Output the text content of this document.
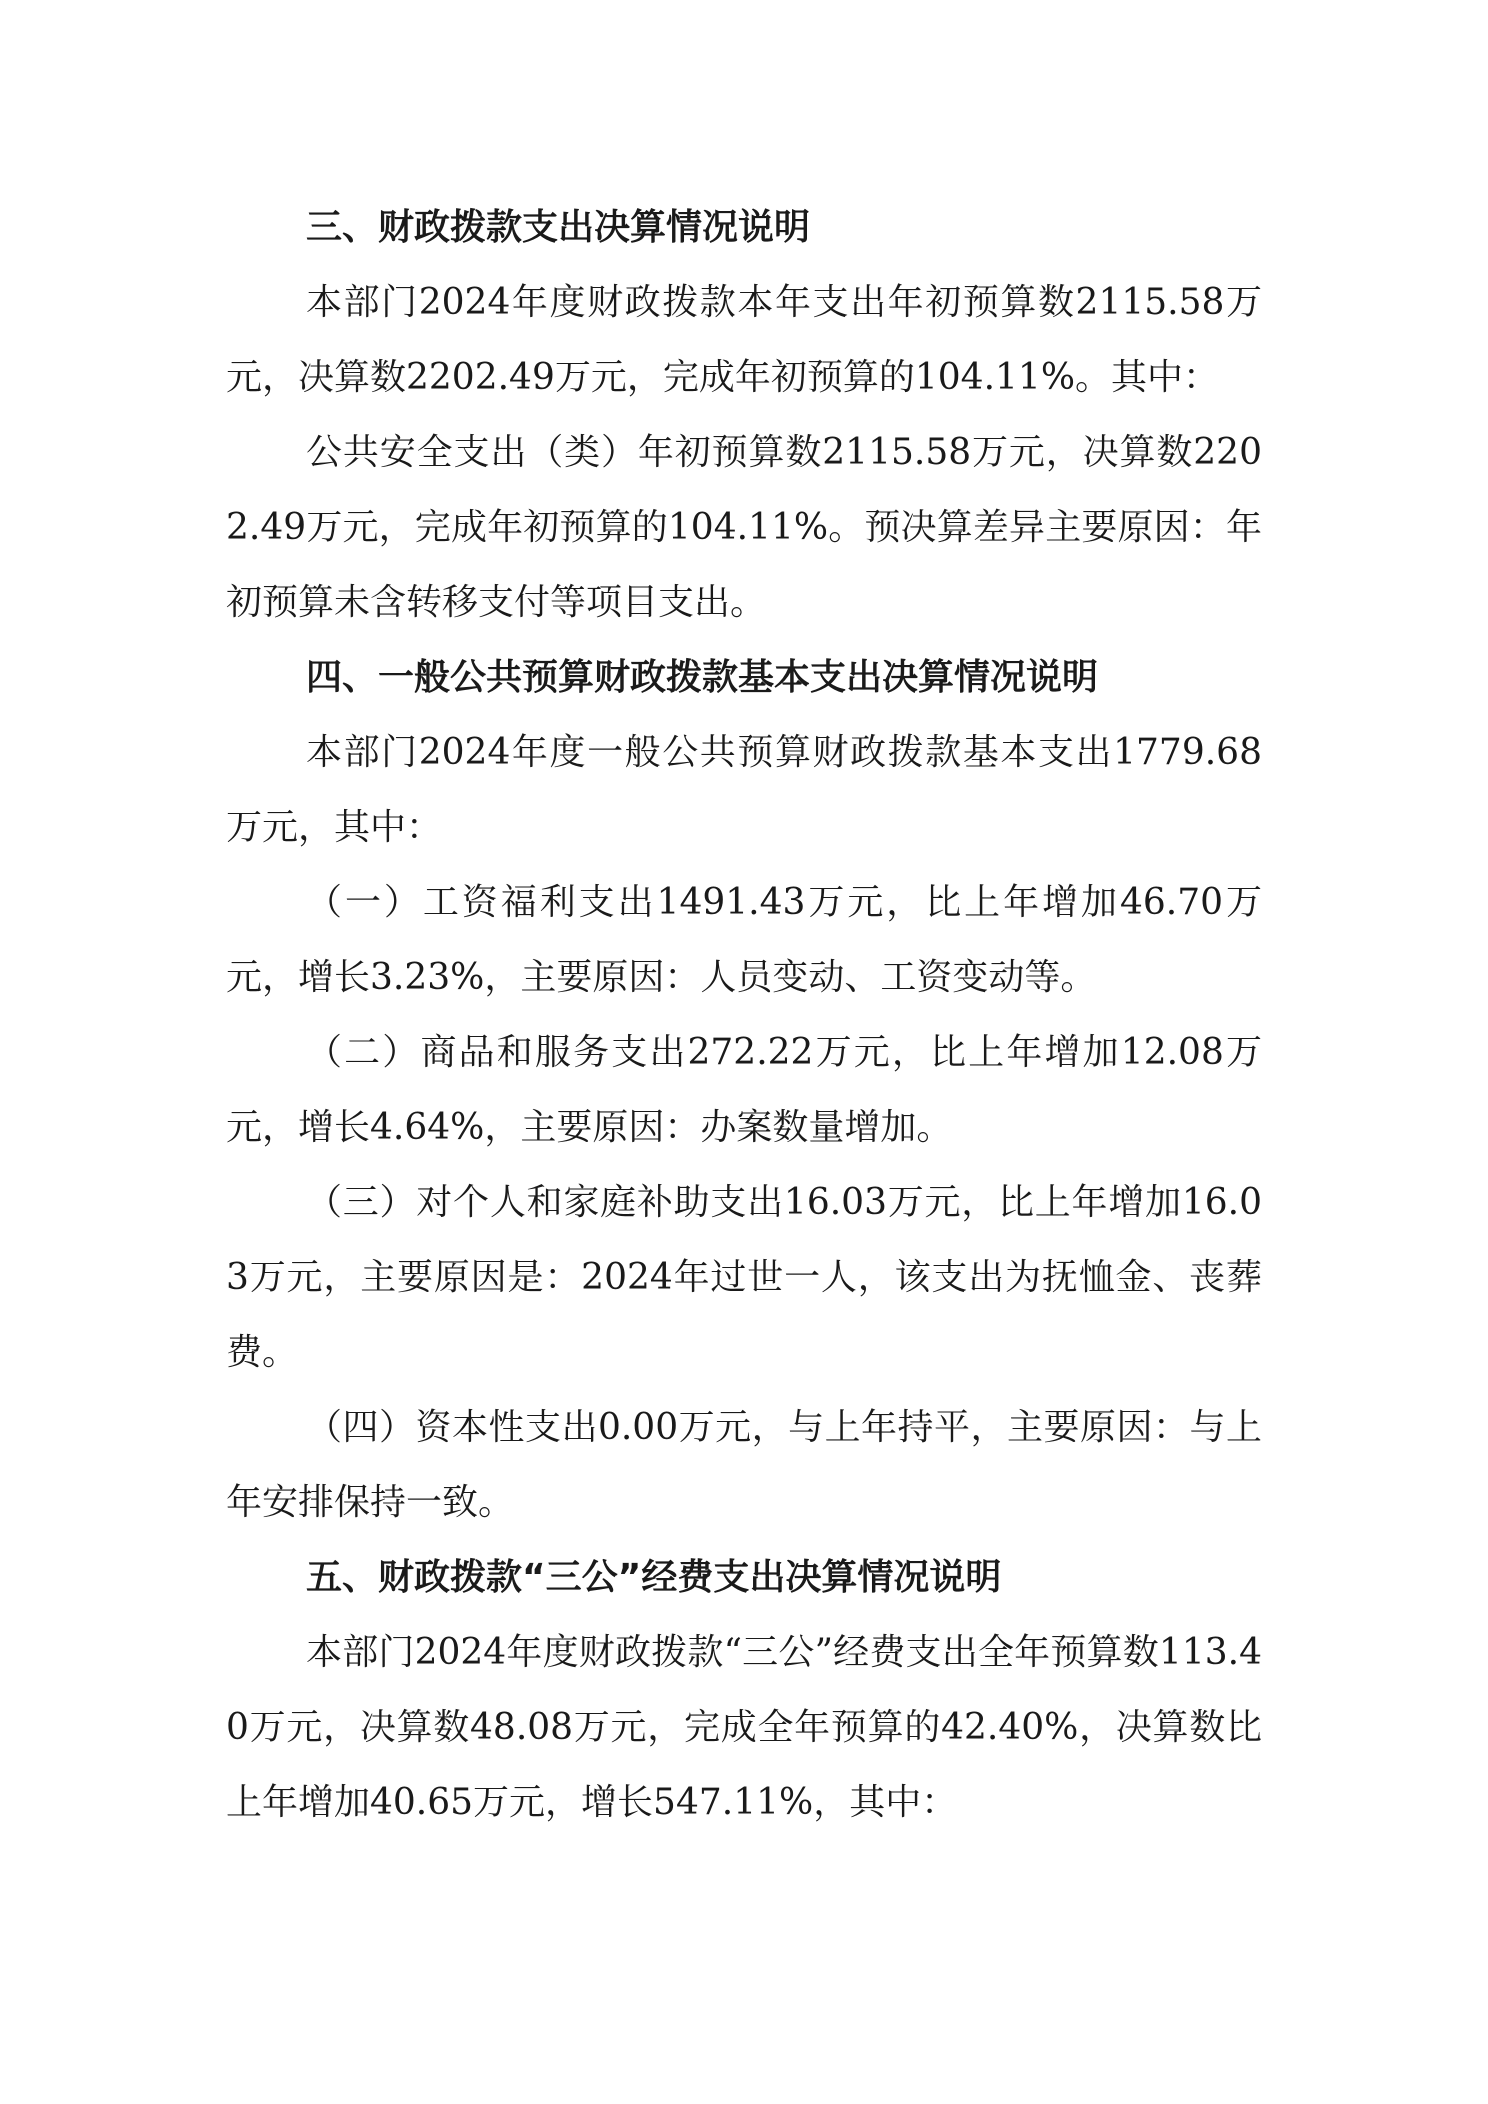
三、财政拨款支出决算情况说明

本部门2024年度财政拨款本年支出年初预算数2115.58万元，决算数2202.49万元，完成年初预算的104.11%。其中：

公共安全支出（类）年初预算数2115.58万元，决算数2202.49万元，完成年初预算的104.11%。预决算差异主要原因：年初预算未含转移支付等项目支出。

四、一般公共预算财政拨款基本支出决算情况说明

本部门2024年度一般公共预算财政拨款基本支出1779.68万元，其中：

（一）工资福利支出1491.43万元，比上年增加46.70万元，增长3.23%，主要原因：人员变动、工资变动等。

（二）商品和服务支出272.22万元，比上年增加12.08万元，增长4.64%，主要原因：办案数量增加。

（三）对个人和家庭补助支出16.03万元，比上年增加16.03万元，主要原因是：2024年过世一人，该支出为抚恤金、丧葬费。

（四）资本性支出0.00万元，与上年持平，主要原因：与上年安排保持一致。

五、财政拨款“三公”经费支出决算情况说明

本部门2024年度财政拨款“三公”经费支出全年预算数113.40万元，决算数48.08万元，完成全年预算的42.40%，决算数比上年增加40.65万元，增长547.11%，其中：
